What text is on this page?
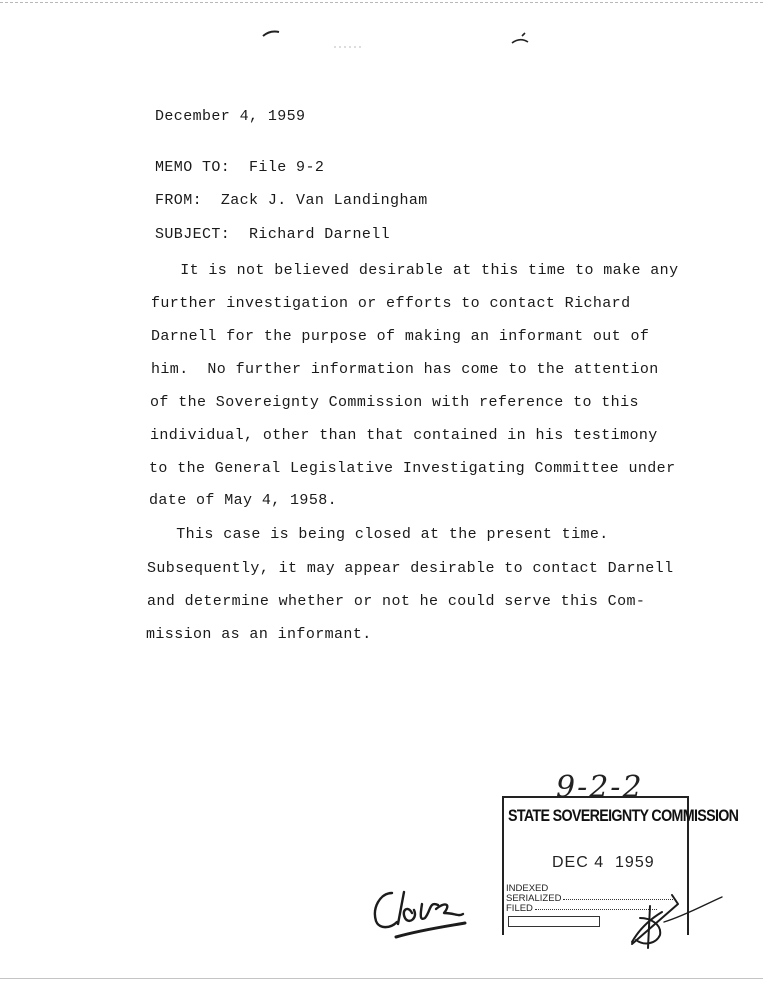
December 4, 1959
MEMO TO: File 9-2
FROM: Zack J. Van Landingham
SUBJECT: Richard Darnell
It is not believed desirable at this time to make any
further investigation or efforts to contact Richard
Darnell for the purpose of making an informant out of
him.  No further information has come to the attention
of the Sovereignty Commission with reference to this
individual, other than that contained in his testimony
to the General Legislative Investigating Committee under
date of May 4, 1958.
This case is being closed at the present time.
Subsequently, it may appear desirable to contact Darnell
and determine whether or not he could serve this Com-
mission as an informant.
9-2-2
STATE SOVEREIGNTY COMMISSION
DEC 4  1959
INDEXED
SERIALIZED
FILED
